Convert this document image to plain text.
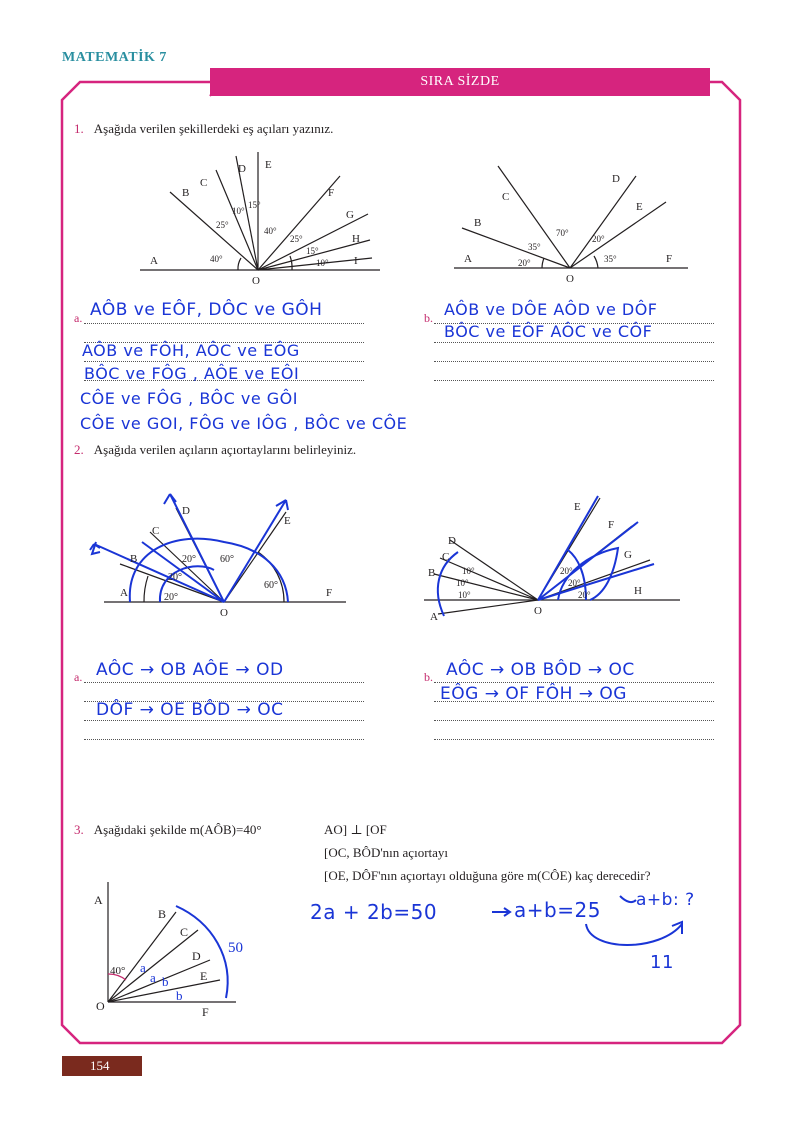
MATEMATİK 7
SIRA SİZDE
1. Aşağıda verilen şekillerdeki eş açıları yazınız.
A
B
C
D E
F
G
H
I
O
40°
25°
10°
15°
40°
25°
15°
10°	A
B
C
D
E
F
O
20°
35°
70°
20°
35°
a.	b.
AÔB ve EÔF, DÔC ve GÔH
AÔB ve FÔH, AÔC ve EÔG
BÔC ve FÔG , AÔE ve EÔI
CÔE ve FÔG , BÔC ve GÔI
CÔE ve GOI, FÔG ve IÔG , BÔC ve CÔE
AÔB ve DÔE AÔD ve DÔF
BÔC ve EÔF AÔC ve CÔF
2. Aşağıda verilen açıların açıortaylarını belirleyiniz.
A
B
C
D
E
F
O
20°
20°
20° 60°
60°
A
B
C
D
E
F
G
H
O
10°
10°
10°	20°
20°
20°
a.	b.
AÔC → OB AÔE → OD
DÔF → OE BÔD → OC
AÔC → OB BÔD → OC
EÔG → OF FÔH → OG
3. Aşağıdaki şekilde m(AÔB)=40°	AO] ⊥ [OF
[OC, BÔD'nın açıortayı
[OE, DÔF'nın açıortayı olduğuna göre m(CÔE) kaç derecedir?
A
B
C
D
E
O	F
40° a
a b
b
50
2a + 2b=50	a+b=25 a+b: ?
11
154
